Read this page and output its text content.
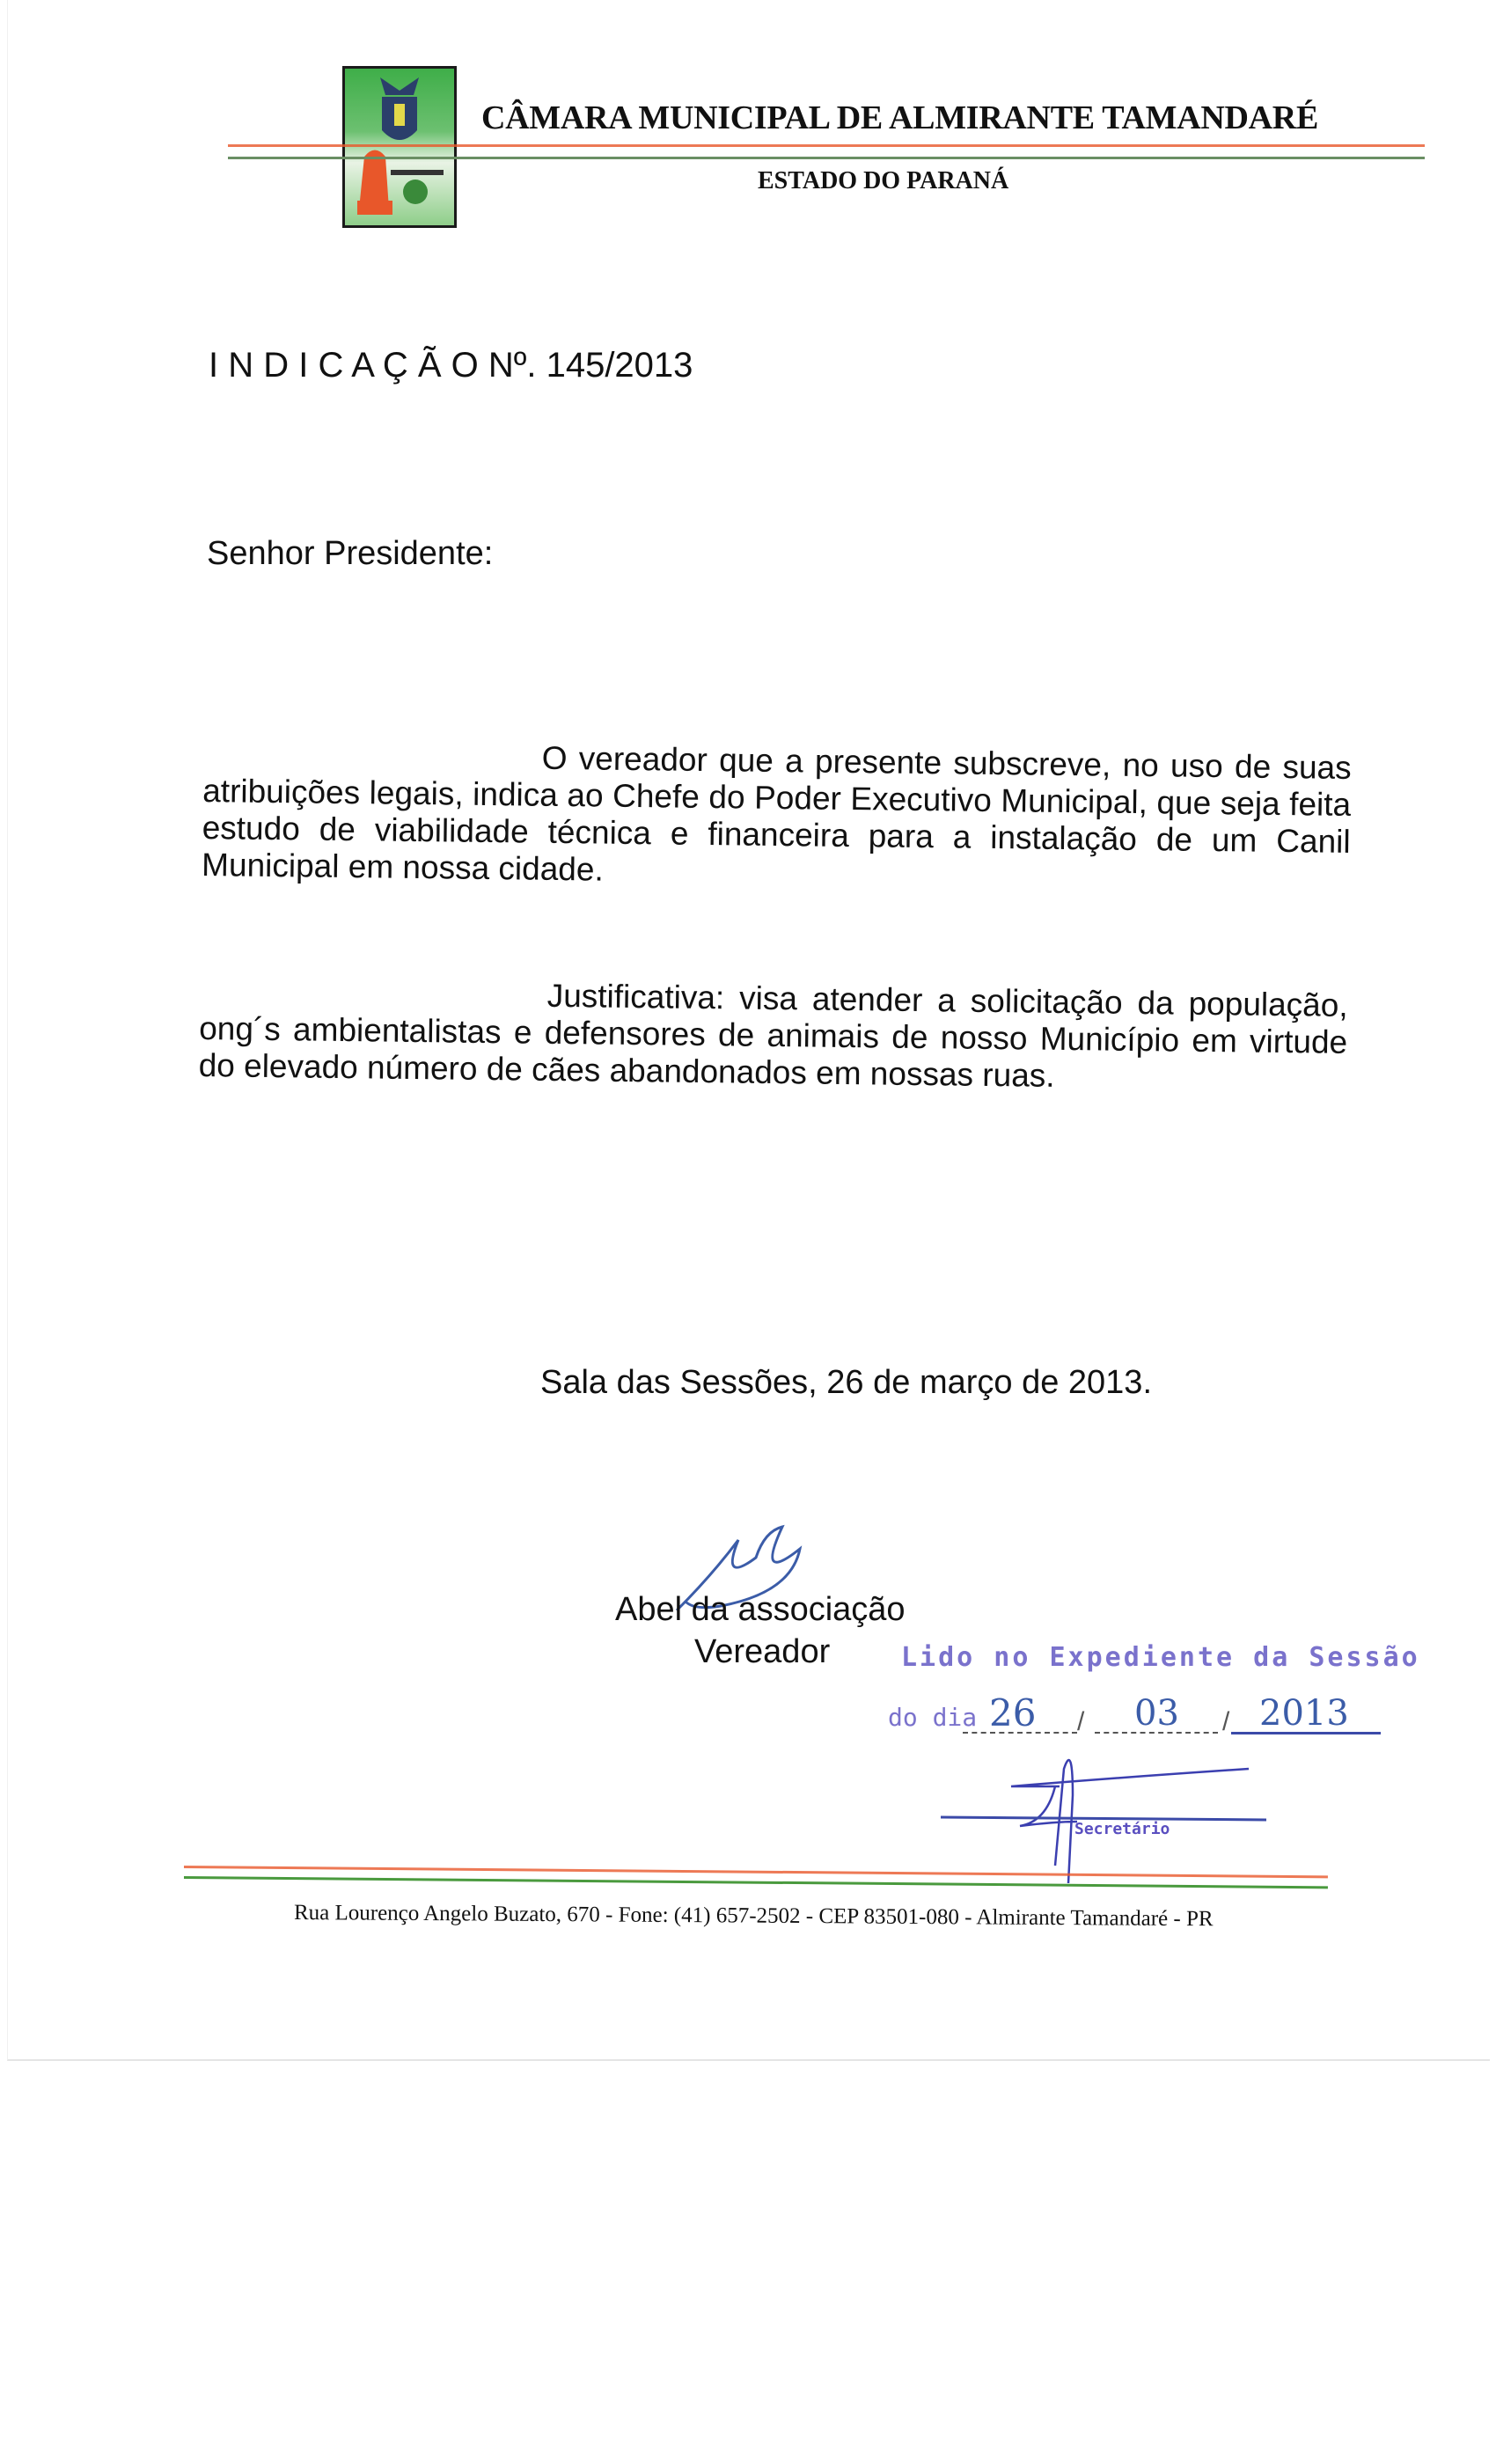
CÂMARA MUNICIPAL DE ALMIRANTE TAMANDARÉ
ESTADO DO PARANÁ
I N D I C A Ç Ã O Nº. 145/2013
Senhor Presidente:

O vereador que a presente subscreve, no uso de suas atribuições legais, indica ao Chefe do Poder Executivo Municipal, que seja feita estudo de viabilidade técnica e financeira para a instalação de um Canil Municipal em nossa cidade.

Justificativa: visa atender a solicitação da população, ong´s ambientalistas e defensores de animais de nosso Município em virtude do elevado número de cães abandonados em nossas ruas.

Sala das Sessões, 26 de março de 2013.
Abel da associação
Vereador	Lido no Expediente da Sessão
do dia 26	03 2013
/	/
Secretário
Rua Lourenço Angelo Buzato, 670 - Fone: (41) 657-2502 - CEP 83501-080 - Almirante Tamandaré - PR
